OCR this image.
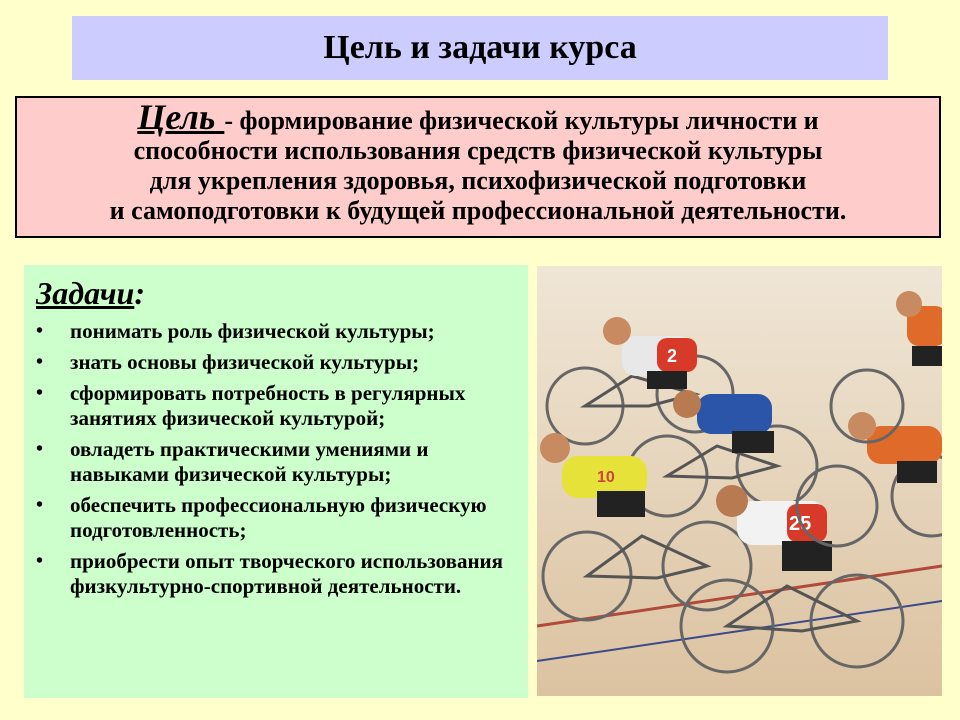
Цель и задачи курса
Цель - формирование физической культуры личности и
способности использования средств физической культуры
для укрепления здоровья, психофизической подготовки
и самоподготовки к будущей профессиональной деятельности.
Задачи:
• понимать роль физической культуры;
• знать основы физической культуры;
• сформировать потребность в регулярных занятиях физической культурой;
• овладеть практическими умениями и навыками физической культуры;
• обеспечить профессиональную физическую подготовленность;
• приобрести опыт творческого использования физкультурно-спортивной деятельности.
2
10
25
